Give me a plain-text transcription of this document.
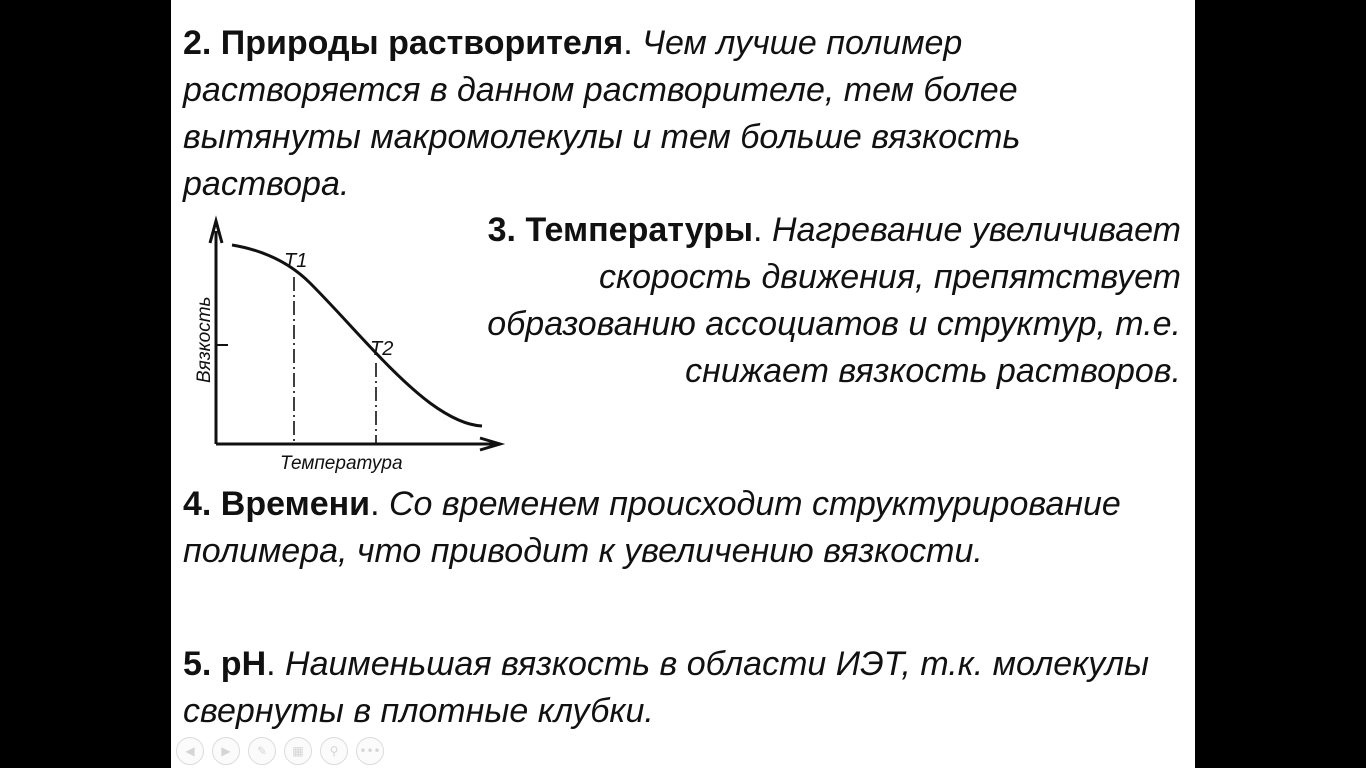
2. Природы растворителя. Чем лучше полимер растворяется в данном растворителе, тем более вытянуты макромолекулы и тем больше вязкость раствора.

T1
T2
Вязкость
Температура

3. Температуры. Нагревание увеличивает скорость движения, препятствует образованию ассоциатов и структур, т.е. снижает вязкость растворов.

4. Времени. Со временем происходит структурирование полимера, что приводит к увеличению вязкости.

5. pH. Наименьшая вязкость в области ИЭТ, т.к. молекулы свернуты в плотные клубки.

◀	▶	✎	▦	⚲	•••
